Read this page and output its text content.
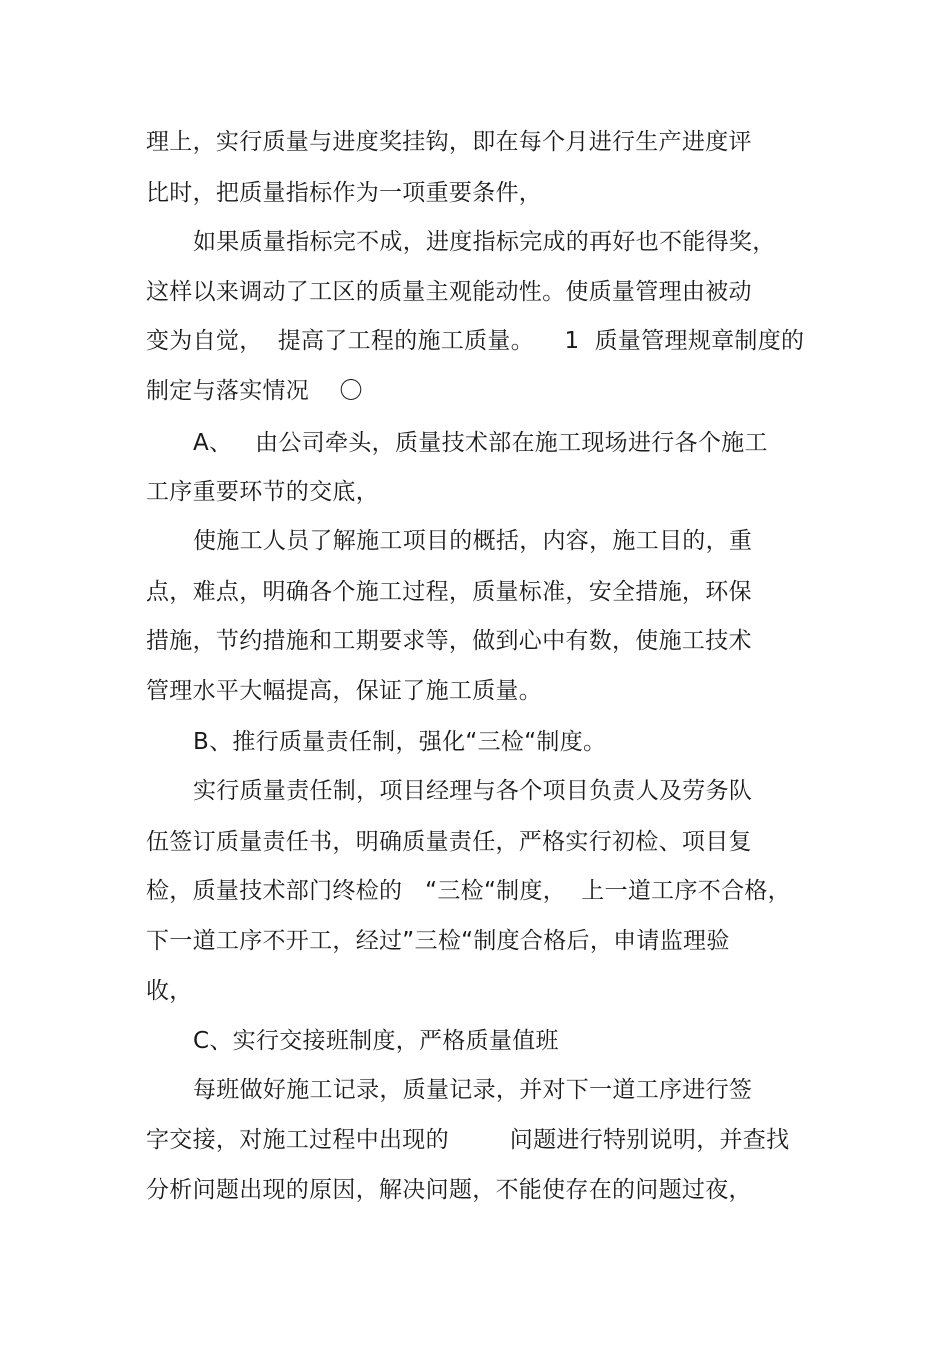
理上，实行质量与进度奖挂钩，即在每个月进行生产进度评
比时，把质量指标作为一项重要条件，
如果质量指标完不成，进度指标完成的再好也不能得奖，
这样以来调动了工区的质量主观能动性。使质量管理由被动
变为自觉，  提高了工程的施工质量。    1  质量管理规章制度的
制定与落实情况    〇
A、   由公司牵头，质量技术部在施工现场进行各个施工
工序重要环节的交底，
使施工人员了解施工项目的概括，内容，施工目的，重
点，难点，明确各个施工过程，质量标准，安全措施，环保
措施，节约措施和工期要求等，做到心中有数，使施工技术
管理水平大幅提高，保证了施工质量。
B、推行质量责任制，强化“三检“制度。
实行质量责任制，项目经理与各个项目负责人及劳务队
伍签订质量责任书，明确质量责任，严格实行初检、项目复
检，质量技术部门终检的   “三检“制度，  上一道工序不合格，
下一道工序不开工，经过”三检“制度合格后，申请监理验
收，
C、实行交接班制度，严格质量值班
每班做好施工记录，质量记录，并对下一道工序进行签
字交接，对施工过程中出现的        问题进行特别说明，并查找
分析问题出现的原因，解决问题，不能使存在的问题过夜，
